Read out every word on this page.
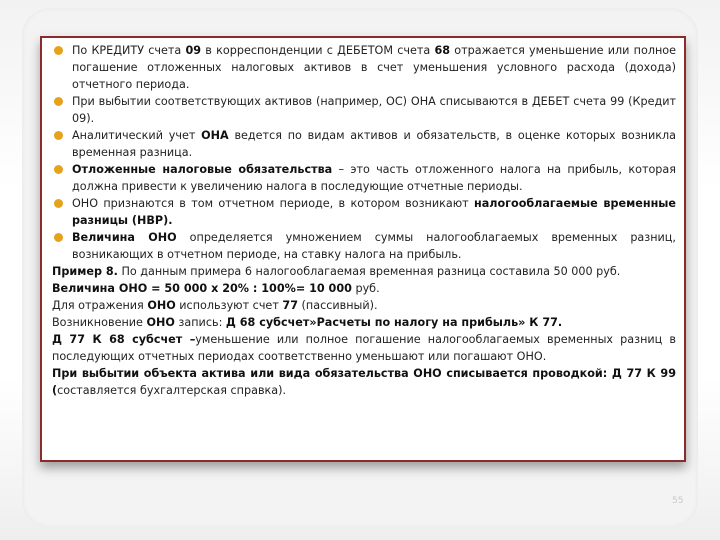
По КРЕДИТУ счета 09 в корреспонденции с ДЕБЕТОМ счета 68 отражается уменьшение или полное погашение отложенных налоговых активов в счет уменьшения условного расхода (дохода) отчетного периода.
При выбытии соответствующих активов (например, ОС) ОНА списываются в ДЕБЕТ счета 99 (Кредит 09).
Аналитический учет ОНА ведется по видам активов и обязательств, в оценке которых возникла временная разница.
Отложенные налоговые обязательства – это часть отложенного налога на прибыль, которая должна привести к увеличению налога в последующие отчетные периоды.
ОНО признаются в том отчетном периоде, в котором возникают налогооблагаемые временные разницы (НВР).
Величина ОНО определяется умножением суммы налогооблагаемых временных разниц, возникающих в отчетном периоде, на ставку налога на прибыль.

Пример 8. По данным примера 6 налогооблагаемая временная разница составила 50 000 руб.

Величина ОНО = 50 000 х 20% : 100%= 10 000 руб.

Для отражения ОНО используют счет 77 (пассивный).

Возникновение ОНО запись: Д 68 субсчет»Расчеты по налогу на прибыль» К 77.

Д 77 К 68 субсчет –уменьшение или полное погашение налогооблагаемых временных разниц в последующих отчетных периодах соответственно уменьшают или погашают ОНО.

При выбытии объекта актива или вида обязательства ОНО списывается проводкой: Д 77 К 99 (составляется бухгалтерская справка).

55
